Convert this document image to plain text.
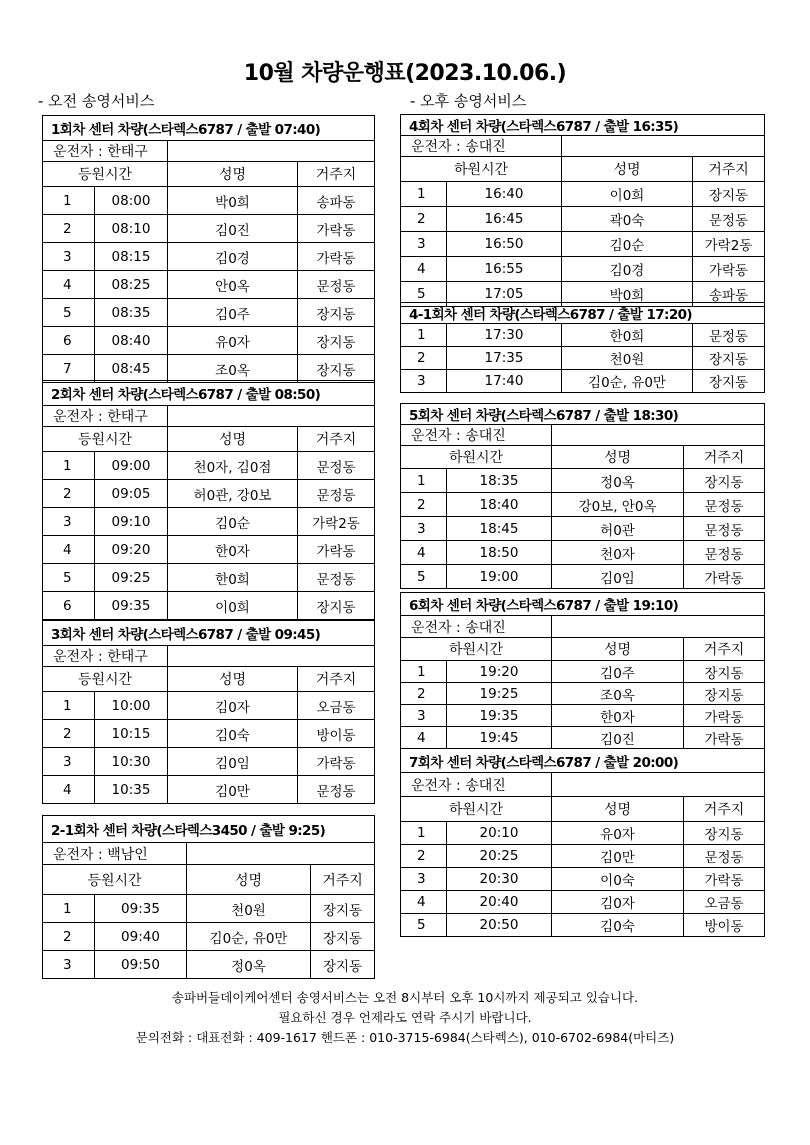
10월 차량운행표(2023.10.06.)
- 오전 송영서비스	- 오후 송영서비스
1회차 센터 차량(스타렉스6787 / 출발 07:40)			
운전자 : 한태구			
등원시간		성명	거주지
1	08:00	박0희	송파동
2	08:10	김0진	가락동
3	08:15	김0경	가락동
4	08:25	안0옥	문정동
5	08:35	김0주	장지동
6	08:40	유0자	장지동
7	08:45	조0옥	장지동
2회차 센터 차량(스타렉스6787 / 출발 08:50)			
운전자 : 한태구			
등원시간		성명	거주지
1	09:00	천0자, 김0점	문정동
2	09:05	허0관, 강0보	문정동
3	09:10	김0순	가락2동
4	09:20	한0자	가락동
5	09:25	한0희	문정동
6	09:35	이0희	장지동
3회차 센터 차량(스타렉스6787 / 출발 09:45)			
운전자 : 한태구			
등원시간		성명	거주지
1	10:00	김0자	오금동
2	10:15	김0숙	방이동
3	10:30	김0임	가락동
4	10:35	김0만	문정동
2-1회차 센터 차량(스타렉스3450 / 출발 9:25)			
운전자 : 백남인			
등원시간		성명	거주지
1	09:35	천0원	장지동
2	09:40	김0순, 유0만	장지동
3	09:50	정0옥	장지동
4회차 센터 차량(스타렉스6787 / 출발 16:35)			
운전자 : 송대진			
하원시간		성명	거주지
1	16:40	이0희	장지동
2	16:45	곽0숙	문정동
3	16:50	김0순	가락2동
4	16:55	김0경	가락동
5	17:05	박0희	송파동
4-1회차 센터 차량(스타렉스6787 / 출발 17:20)			
1	17:30	한0희	문정동
2	17:35	천0원	장지동
3	17:40	김0순, 유0만	장지동
5회차 센터 차량(스타렉스6787 / 출발 18:30)			
운전자 : 송대진			
하원시간		성명	거주지
1	18:35	정0옥	장지동
2	18:40	강0보, 안0옥	문정동
3	18:45	허0관	문정동
4	18:50	천0자	문정동
5	19:00	김0임	가락동
6회차 센터 차량(스타렉스6787 / 출발 19:10)			
운전자 : 송대진			
하원시간		성명	거주지
1	19:20	김0주	장지동
2	19:25	조0옥	장지동
3	19:35	한0자	가락동
4	19:45	김0진	가락동
7회차 센터 차량(스타렉스6787 / 출발 20:00)			
운전자 : 송대진			
하원시간		성명	거주지
1	20:10	유0자	장지동
2	20:25	김0만	문정동
3	20:30	이0숙	가락동
4	20:40	김0자	오금동
5	20:50	김0숙	방이동
송파버들데이케어센터 송영서비스는 오전 8시부터 오후 10시까지 제공되고 있습니다.
필요하신 경우 언제라도 연락 주시기 바랍니다.
문의전화 : 대표전화 : 409-1617 핸드폰 : 010-3715-6984(스타렉스), 010-6702-6984(마티즈)
